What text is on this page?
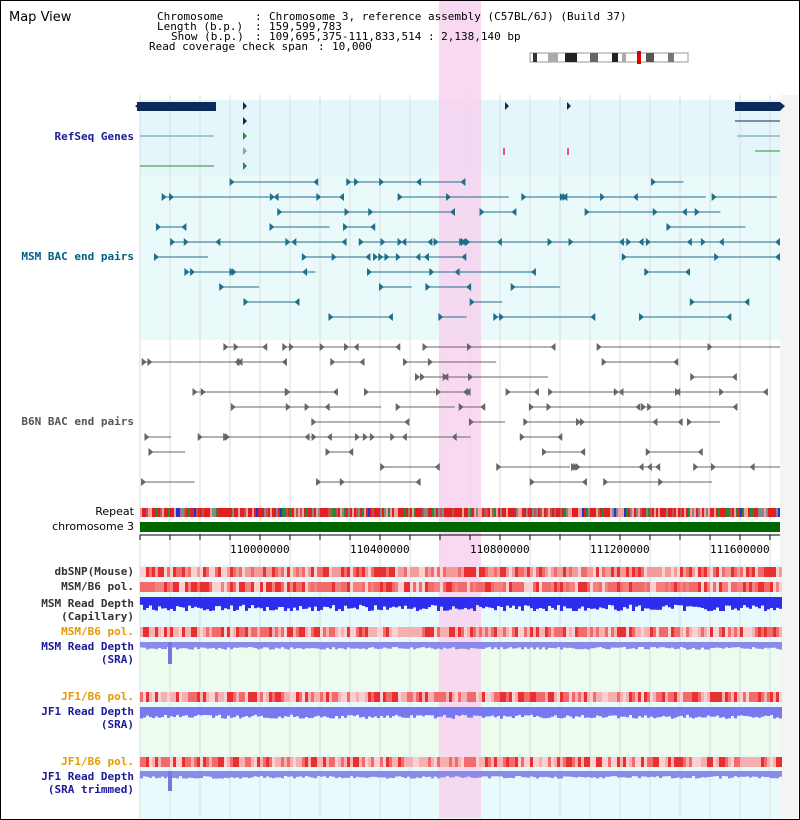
Map View	Chromosome	: Chromosome 3, reference assembly (C57BL/6J) (Build 37)
Length (b.p.) : 159,599,783
Show (b.p.) : 109,695,375-111,833,514 : 2,138,140 bp
Read coverage check span : 10,000
RefSeq Genes
MSM BAC end pairs
B6N BAC end pairs
Repeat
chromosome 3
dbSNP(Mouse)
MSM/B6 pol.
MSM Read Depth
(Capillary)
MSM/B6 pol.
MSM Read Depth
(SRA)
JF1/B6 pol.
JF1 Read Depth
(SRA)
JF1/B6 pol.
JF1 Read Depth
(SRA trimmed)
110000000	110400000	110800000	111200000	111600000
